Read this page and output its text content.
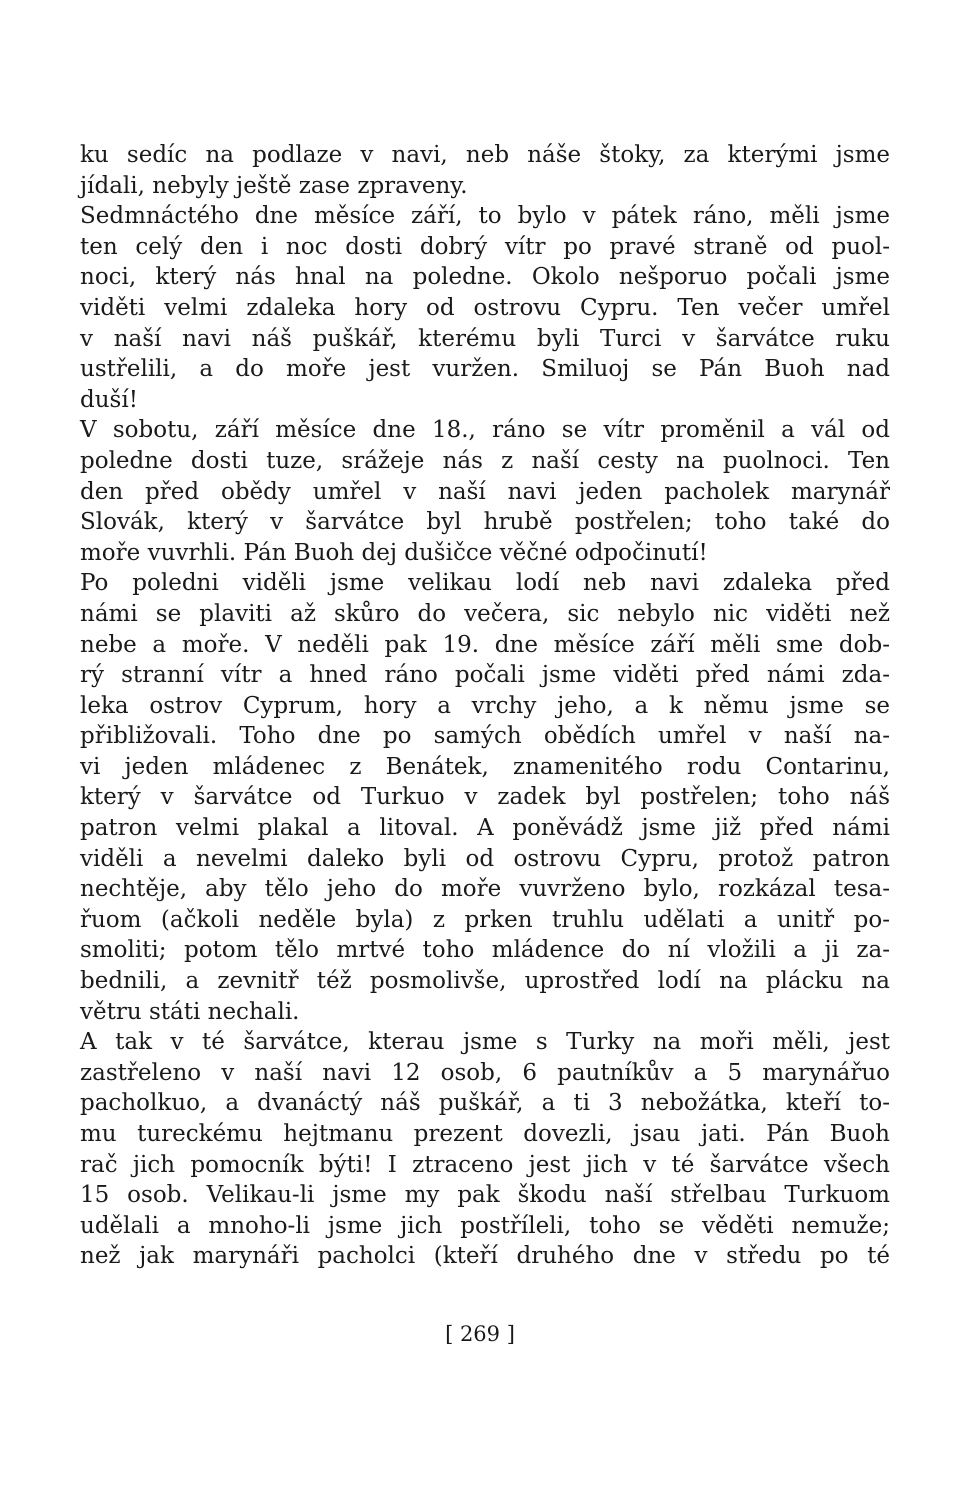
ku sedíc na podlaze v navi, neb náše štoky, za kterými jsme
jídali, nebyly ještě zase zpraveny.
Sedmnáctého dne měsíce září, to bylo v pátek ráno, měli jsme
ten celý den i noc dosti dobrý vítr po pravé straně od puol-
noci, který nás hnal na poledne. Okolo nešporuo počali jsme
viděti velmi zdaleka hory od ostrovu Cypru. Ten večer umřel
v naší navi náš puškář, kterému byli Turci v šarvátce ruku
ustřelili, a do moře jest vuržen. Smiluoj se Pán Buoh nad
duší!
V sobotu, září měsíce dne 18., ráno se vítr proměnil a vál od
poledne dosti tuze, srážeje nás z naší cesty na puolnoci. Ten
den před obědy umřel v naší navi jeden pacholek marynář
Slovák, který v šarvátce byl hrubě postřelen; toho také do
moře vuvrhli. Pán Buoh dej dušičce věčné odpočinutí!
Po poledni viděli jsme velikau lodí neb navi zdaleka před
námi se plaviti až skůro do večera, sic nebylo nic viděti než
nebe a moře. V neděli pak 19. dne měsíce září měli sme dob-
rý stranní vítr a hned ráno počali jsme viděti před námi zda-
leka ostrov Cyprum, hory a vrchy jeho, a k němu jsme se
přibližovali. Toho dne po samých obědích umřel v naší na-
vi jeden mládenec z Benátek, znamenitého rodu Contarinu,
který v šarvátce od Turkuo v zadek byl postřelen; toho náš
patron velmi plakal a litoval. A poněvádž jsme již před námi
viděli a nevelmi daleko byli od ostrovu Cypru, protož patron
nechtěje, aby tělo jeho do moře vuvrženo bylo, rozkázal tesa-
řuom (ačkoli neděle byla) z prken truhlu udělati a unitř po-
smoliti; potom tělo mrtvé toho mládence do ní vložili a ji za-
bednili, a zevnitř též posmolivše, uprostřed lodí na plácku na
větru státi nechali.
A tak v té šarvátce, kterau jsme s Turky na moři měli, jest
zastřeleno v naší navi 12 osob, 6 pautníkův a 5 marynářuo
pacholkuo, a dvanáctý náš puškář, a ti 3 nebožátka, kteří to-
mu tureckému hejtmanu prezent dovezli, jsau jati. Pán Buoh
rač jich pomocník býti! I ztraceno jest jich v té šarvátce všech
15 osob. Velikau-li jsme my pak škodu naší střelbau Turkuom
udělali a mnoho-li jsme jich postříleli, toho se věděti nemuže;
než jak marynáři pacholci (kteří druhého dne v středu po té
[ 269 ]
